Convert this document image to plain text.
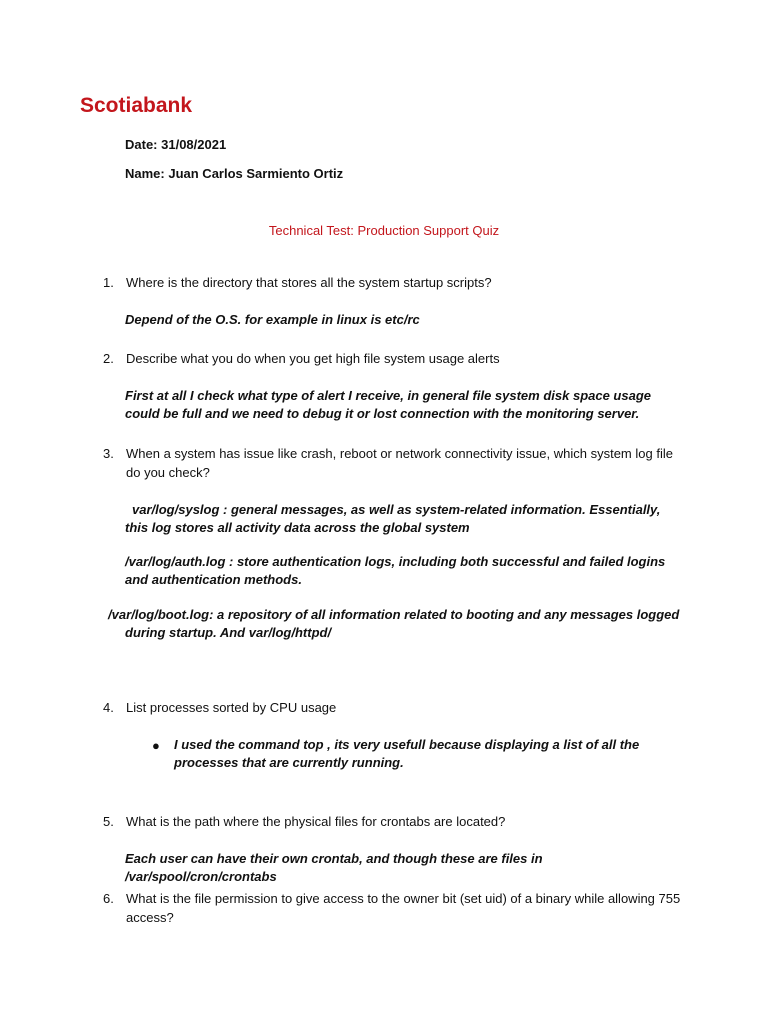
Scotiabank
Date: 31/08/2021
Name: Juan Carlos Sarmiento Ortiz
Technical Test: Production Support Quiz
1. Where is the directory that stores all the system startup scripts?
Depend of the O.S. for example in linux is etc/rc
2. Describe what you do when you get high file system usage alerts
First at all I check what type of alert I receive, in general file system disk space usage could be full and we need to debug it or lost connection with the monitoring server.
3. When a system has issue like crash, reboot or network connectivity issue, which system log file do you check?
var/log/syslog : general messages, as well as system-related information. Essentially, this log stores all activity data across the global system
/var/log/auth.log : store authentication logs, including both successful and failed logins and authentication methods.
/var/log/boot.log: a repository of all information related to booting and any messages logged during startup. And var/log/httpd/
4. List processes sorted by CPU usage
● I used the command top , its very usefull because displaying a list of all the processes that are currently running.
5. What is the path where the physical files for crontabs are located?
Each user can have their own crontab, and though these are files in /var/spool/cron/crontabs
6. What is the file permission to give access to the owner bit (set uid) of a binary while allowing 755 access?
